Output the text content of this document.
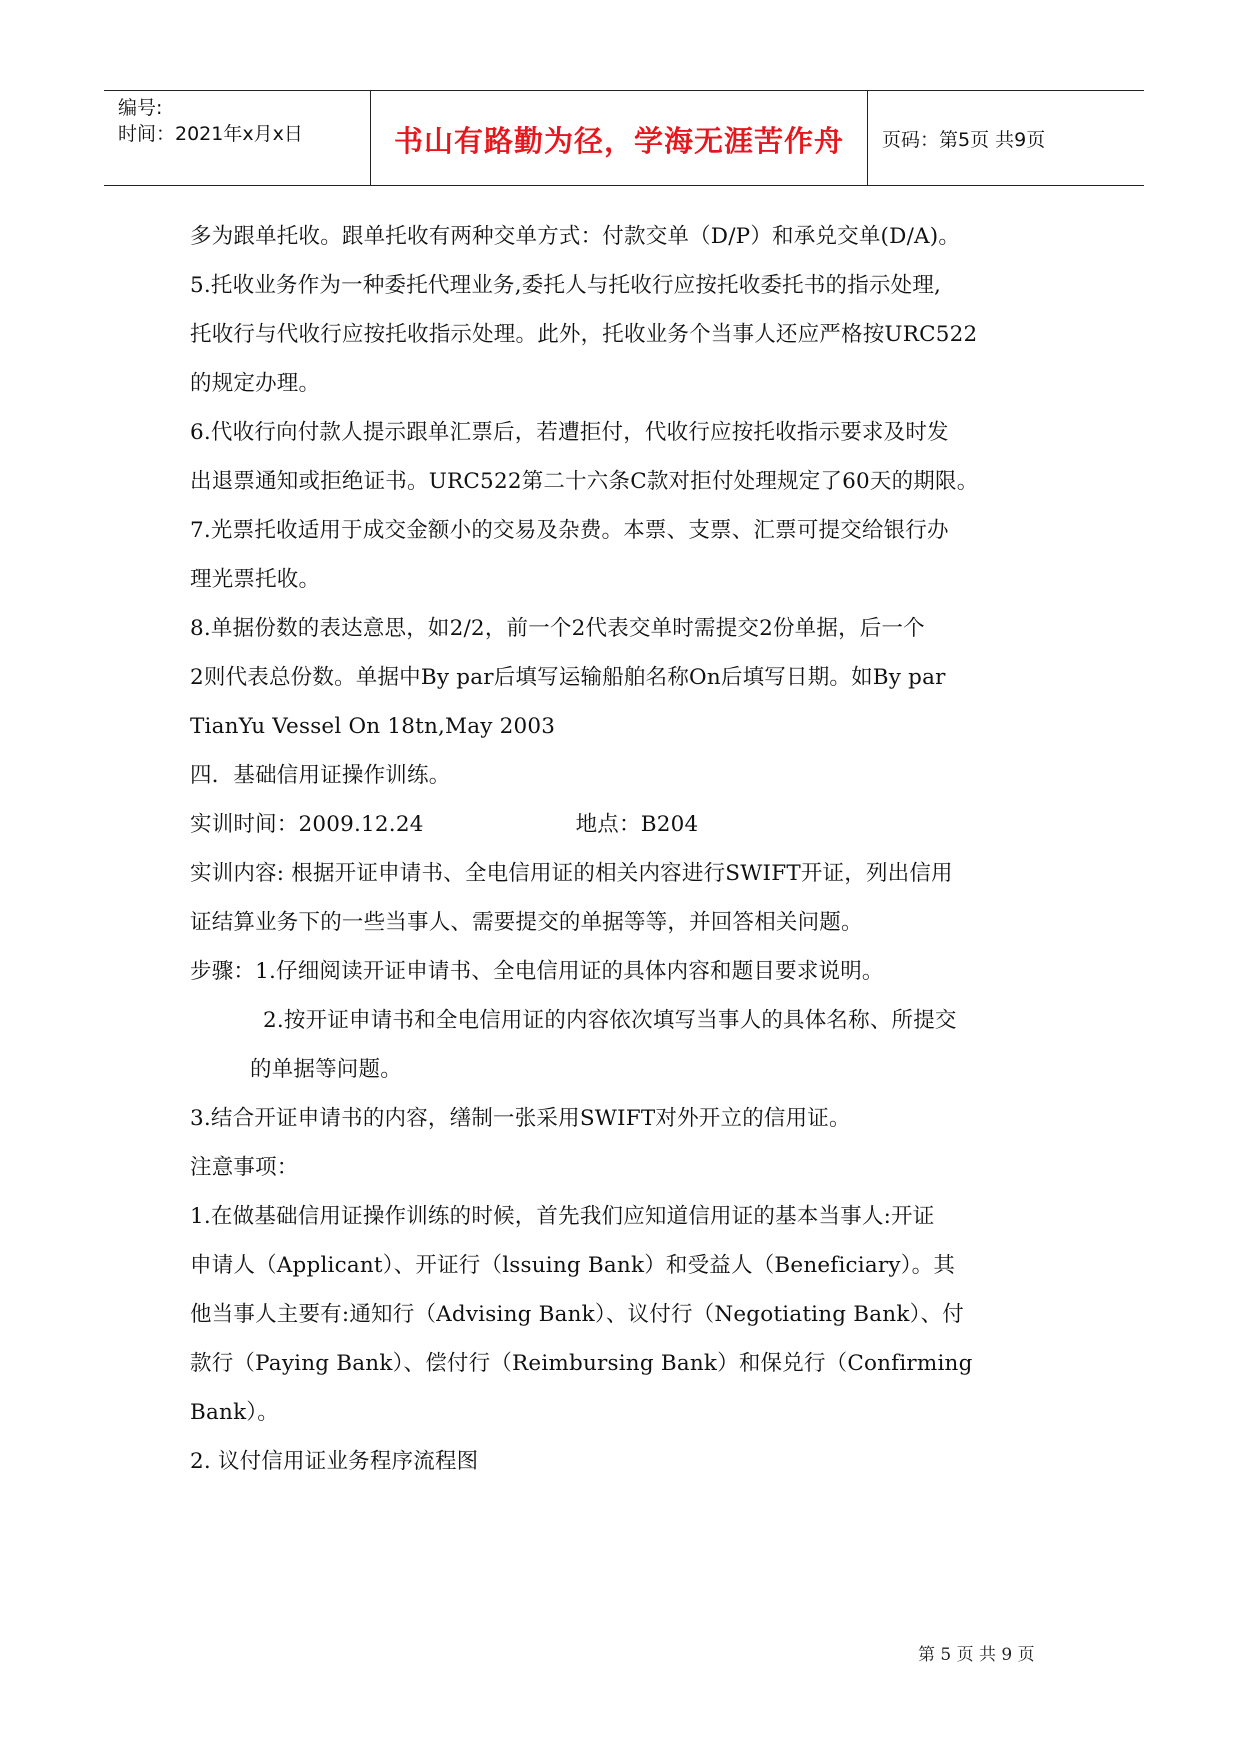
编号:
时间：2021年x月x日	书山有路勤为径，学海无涯苦作舟	页码：第5页 共9页
多为跟单托收。跟单托收有两种交单方式：付款交单（D/P）和承兑交单(D/A)。
5.托收业务作为一种委托代理业务,委托人与托收行应按托收委托书的指示处理,
托收行与代收行应按托收指示处理。此外，托收业务个当事人还应严格按URC522
的规定办理。
6.代收行向付款人提示跟单汇票后，若遭拒付，代收行应按托收指示要求及时发
出退票通知或拒绝证书。URC522第二十六条C款对拒付处理规定了60天的期限。
7.光票托收适用于成交金额小的交易及杂费。本票、支票、汇票可提交给银行办
理光票托收。
8.单据份数的表达意思，如2/2，前一个2代表交单时需提交2份单据，后一个
2则代表总份数。单据中By par后填写运输船舶名称On后填写日期。如By par
TianYu Vessel On 18tn,May 2003
四．基础信用证操作训练。
实训时间：2009.12.24	地点：B204
实训内容: 根据开证申请书、全电信用证的相关内容进行SWIFT开证，列出信用
证结算业务下的一些当事人、需要提交的单据等等，并回答相关问题。
步骤：1.仔细阅读开证申请书、全电信用证的具体内容和题目要求说明。
2.按开证申请书和全电信用证的内容依次填写当事人的具体名称、所提交
的单据等问题。
3.结合开证申请书的内容，缮制一张采用SWIFT对外开立的信用证。
注意事项：
1.在做基础信用证操作训练的时候，首先我们应知道信用证的基本当事人:开证
申请人（Applicant）、开证行（lssuing Bank）和受益人（Beneficiary）。其
他当事人主要有:通知行（Advising Bank）、议付行（Negotiating Bank）、付
款行（Paying Bank）、偿付行（Reimbursing Bank）和保兑行（Confirming
Bank）。
2. 议付信用证业务程序流程图
第 5 页 共 9 页
